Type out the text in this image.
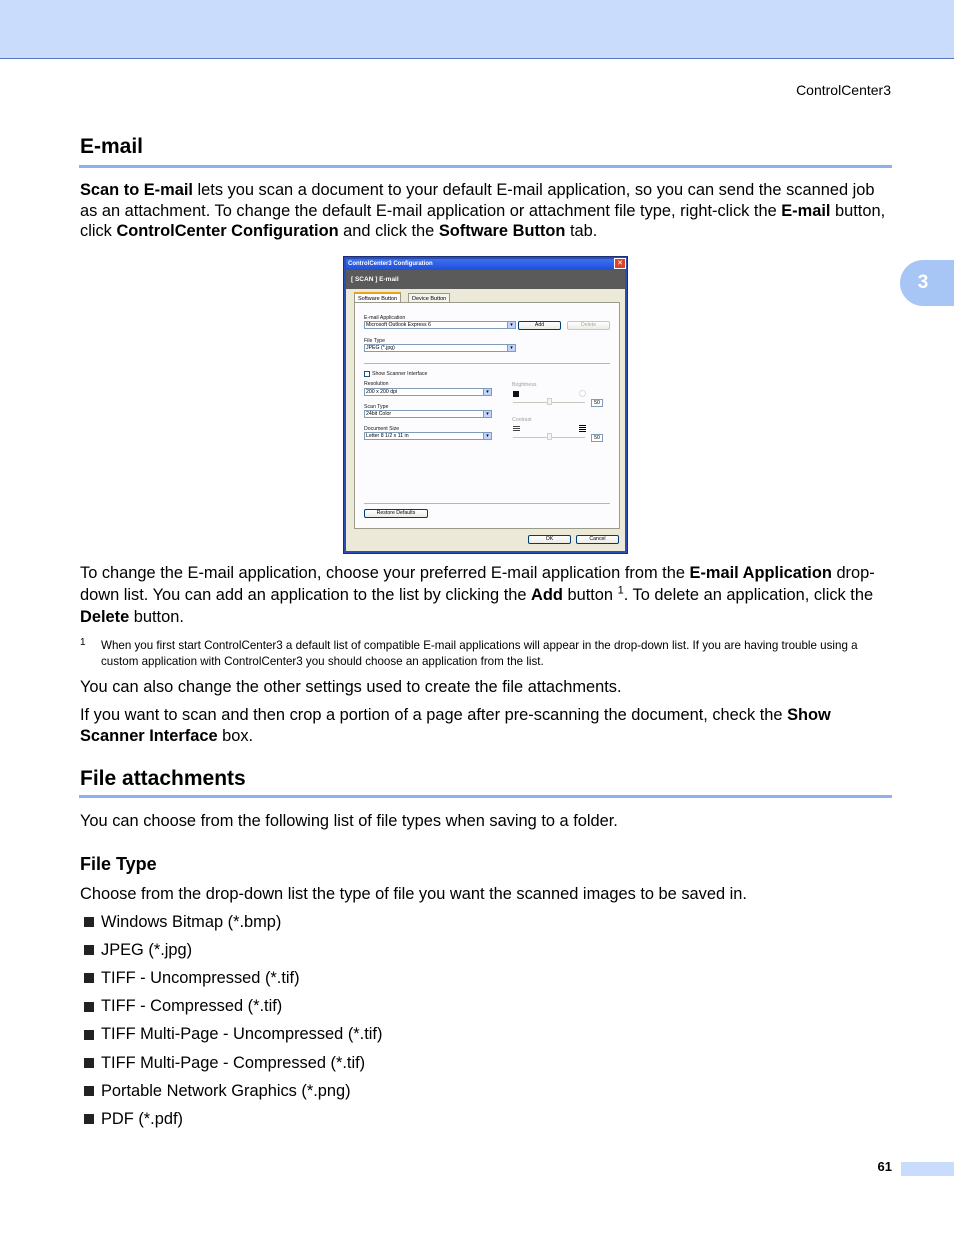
ControlCenter3
3
E-mail
Scan to E-mail lets you scan a document to your default E-mail application, so you can send the scanned job as an attachment. To change the default E-mail application or attachment file type, right-click the E-mail button, click ControlCenter Configuration and click the Software Button tab.
ControlCenter3 Configuration	✕
[ SCAN ] E-mail
Software Button	Device Button
E-mail Application
Microsoft Outlook Express 6	▾	Add	Delete
File Type
JPEG (*.jpg)	▾
Show Scanner Interface
Resolution
200 x 200 dpi	▾
Scan Type
24bit Color	▾
Document Size
Letter 8 1/2 x 11 in	▾
Brightness
50
Contrast
50
Restore Defaults
OK	Cancel
To change the E-mail application, choose your preferred E-mail application from the E-mail Application drop-down list. You can add an application to the list by clicking the Add button $^1$. To delete an application, click the Delete button.
1 When you first start ControlCenter3 a default list of compatible E-mail applications will appear in the drop-down list. If you are having trouble using a custom application with ControlCenter3 you should choose an application from the list.
You can also change the other settings used to create the file attachments.
If you want to scan and then crop a portion of a page after pre-scanning the document, check the Show Scanner Interface box.
File attachments
You can choose from the following list of file types when saving to a folder.
File Type
Choose from the drop-down list the type of file you want the scanned images to be saved in.
Windows Bitmap (*.bmp)
JPEG (*.jpg)
TIFF - Uncompressed (*.tif)
TIFF - Compressed (*.tif)
TIFF Multi-Page - Uncompressed (*.tif)
TIFF Multi-Page - Compressed (*.tif)
Portable Network Graphics (*.png)
PDF (*.pdf)
61
